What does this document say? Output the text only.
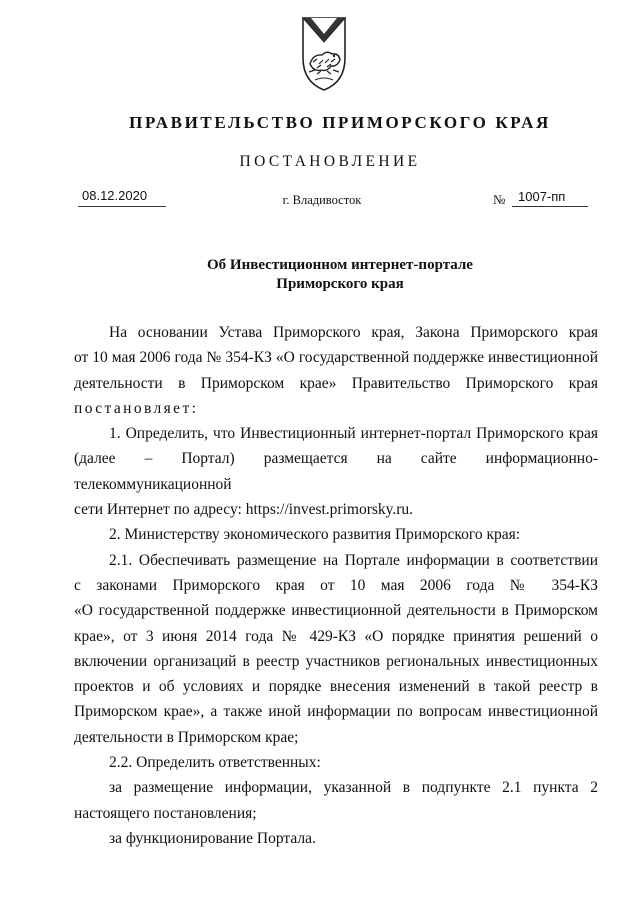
ПРАВИТЕЛЬСТВО ПРИМОРСКОГО КРАЯ
ПОСТАНОВЛЕНИЕ
08.12.2020	г. Владивосток	№ 1007-пп
Об Инвестиционном интернет-портале
Приморского края

На основании Устава Приморского края, Закона Приморского края

от 10 мая 2006 года № 354-КЗ «О государственной поддержке инвестиционной

деятельности в Приморском крае» Правительство Приморского края

постановляет:

1. Определить, что Инвестиционный интернет-портал Приморского края

(далее – Портал) размещается на сайте информационно-телекоммуникационной

сети Интернет по адресу: https://invest.primorsky.ru.

2. Министерству экономического развития Приморского края:

2.1. Обеспечивать размещение на Портале информации в соответствии

с законами Приморского края от 10 мая 2006 года № 354-КЗ

«О государственной поддержке инвестиционной деятельности в Приморском

крае», от 3 июня 2014 года № 429-КЗ «О порядке принятия решений о

включении организаций в реестр участников региональных инвестиционных

проектов и об условиях и порядке внесения изменений в такой реестр в

Приморском крае», а также иной информации по вопросам инвестиционной

деятельности в Приморском крае;

2.2. Определить ответственных:

за размещение информации, указанной в подпункте 2.1 пункта 2

настоящего постановления;

за функционирование Портала.
